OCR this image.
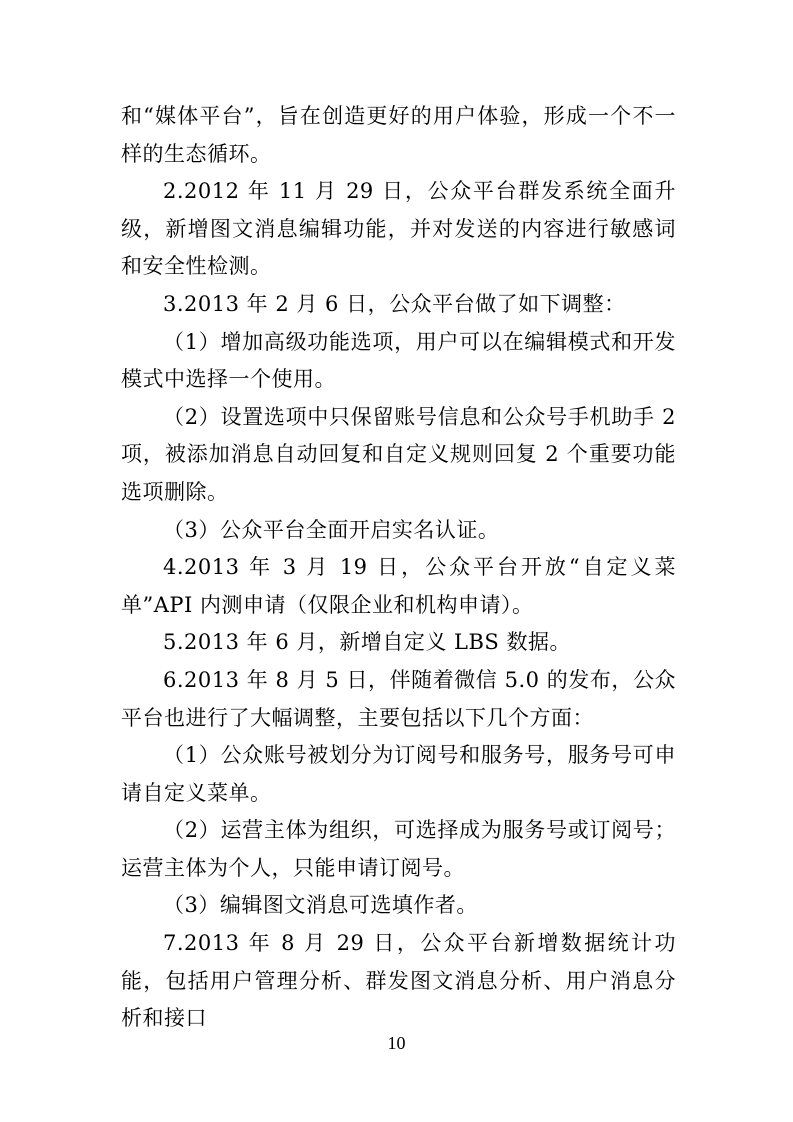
和“媒体平台”，旨在创造更好的用户体验，形成一个不一样的生态循环。

2.2012 年 11 月 29 日，公众平台群发系统全面升级，新增图文消息编辑功能，并对发送的内容进行敏感词和安全性检测。

3.2013 年 2 月 6 日，公众平台做了如下调整：

（1）增加高级功能选项，用户可以在编辑模式和开发模式中选择一个使用。

（2）设置选项中只保留账号信息和公众号手机助手 2 项，被添加消息自动回复和自定义规则回复 2 个重要功能选项删除。

（3）公众平台全面开启实名认证。

4.2013 年 3 月 19 日，公众平台开放“自定义菜单”API 内测申请（仅限企业和机构申请）。

5.2013 年 6 月，新增自定义 LBS 数据。

6.2013 年 8 月 5 日，伴随着微信 5.0 的发布，公众平台也进行了大幅调整，主要包括以下几个方面：

（1）公众账号被划分为订阅号和服务号，服务号可申请自定义菜单。

（2）运营主体为组织，可选择成为服务号或订阅号；运营主体为个人，只能申请订阅号。

（3）编辑图文消息可选填作者。

7.2013 年 8 月 29 日，公众平台新增数据统计功能，包括用户管理分析、群发图文消息分析、用户消息分析和接口

10
